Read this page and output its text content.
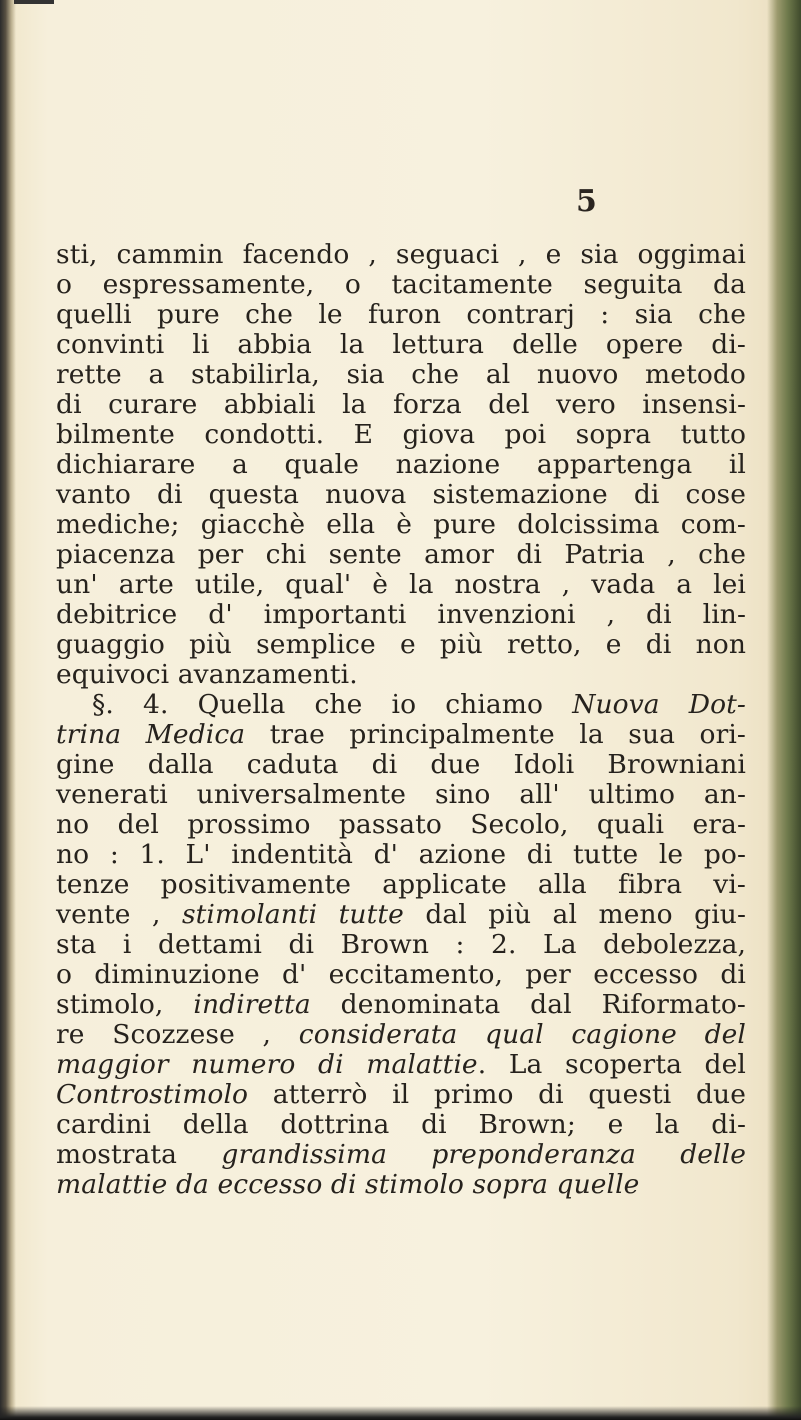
5
sti, cammin facendo , seguaci , e sia oggimai
o espressamente, o tacitamente seguita da
quelli pure che le furon contrarj : sia che
convinti li abbia la lettura delle opere di-
rette a stabilirla, sia che al nuovo metodo
di curare abbiali la forza del vero insensi-
bilmente condotti. E giova poi sopra tutto
dichiarare a quale nazione appartenga il
vanto di questa nuova sistemazione di cose
mediche; giacchè ella è pure dolcissima com-
piacenza per chi sente amor di Patria , che
un' arte utile, qual' è la nostra , vada a lei
debitrice d' importanti invenzioni , di lin-
guaggio più semplice e più retto, e di non
equivoci avanzamenti.
§. 4. Quella che io chiamo Nuova Dot-
trina Medica trae principalmente la sua ori-
gine dalla caduta di due Idoli Browniani
venerati universalmente sino all' ultimo an-
no del prossimo passato Secolo, quali era-
no : 1. L' indentità d' azione di tutte le po-
tenze positivamente applicate alla fibra vi-
vente , stimolanti tutte dal più al meno giu-
sta i dettami di Brown : 2. La debolezza,
o diminuzione d' eccitamento, per eccesso di
stimolo, indiretta denominata dal Riformato-
re Scozzese , considerata qual cagione del
maggior numero di malattie. La scoperta del
Controstimolo atterrò il primo di questi due
cardini della dottrina di Brown; e la di-
mostrata grandissima preponderanza delle
malattie da eccesso di stimolo sopra quelle
